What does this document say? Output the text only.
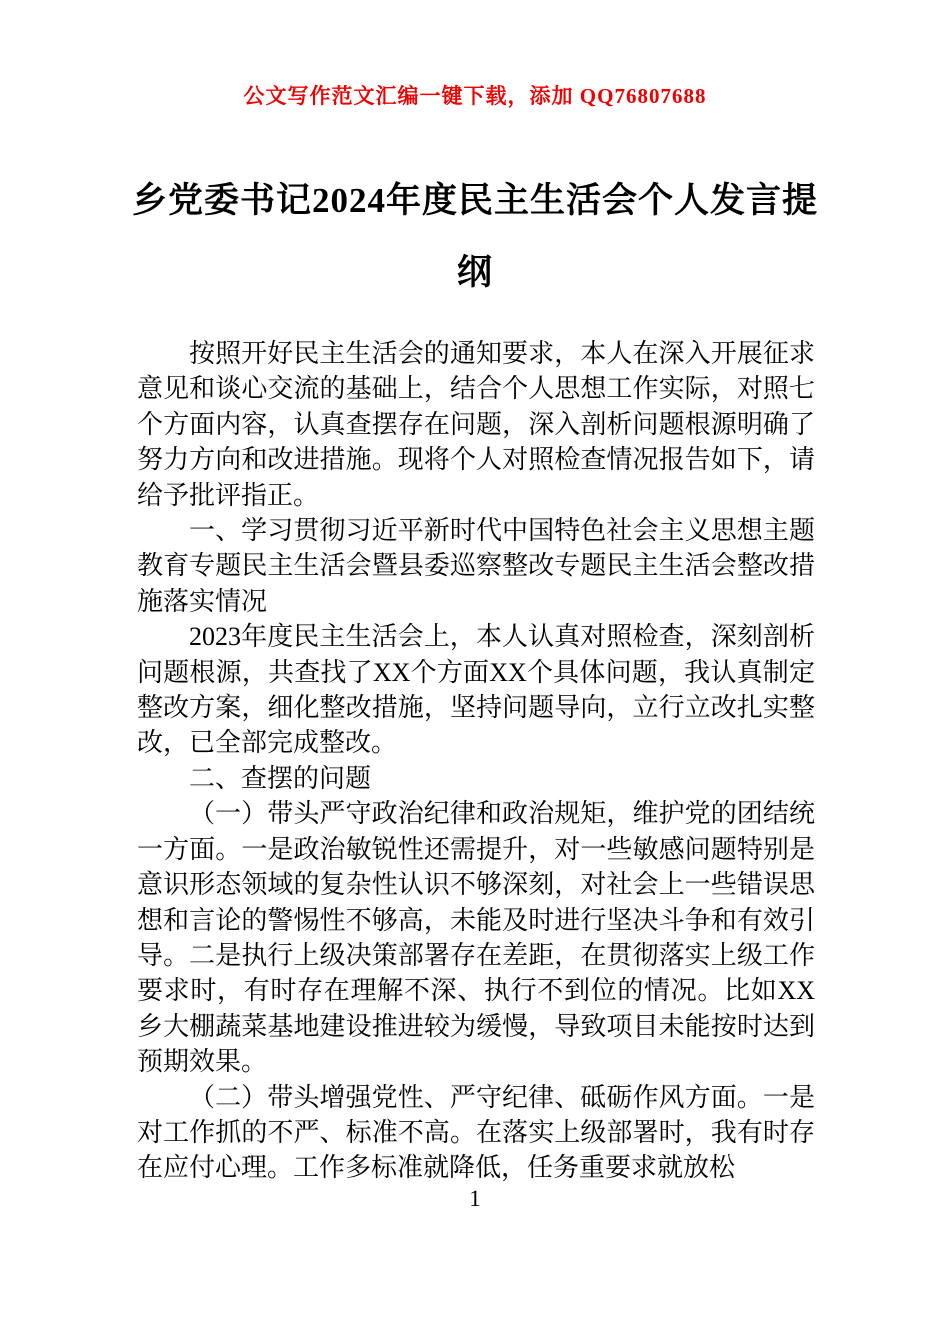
公文写作范文汇编一键下载，添加 QQ76807688
乡党委书记2024年度民主生活会个人发言提纲

按照开好民主生活会的通知要求，本人在深入开展征求意见和谈心交流的基础上，结合个人思想工作实际，对照七个方面内容，认真查摆存在问题，深入剖析问题根源明确了努力方向和改进措施。现将个人对照检查情况报告如下，请给予批评指正。

一、学习贯彻习近平新时代中国特色社会主义思想主题教育专题民主生活会暨县委巡察整改专题民主生活会整改措施落实情况

2023年度民主生活会上，本人认真对照检查，深刻剖析问题根源，共查找了XX个方面XX个具体问题，我认真制定整改方案，细化整改措施，坚持问题导向，立行立改扎实整改，已全部完成整改。

二、查摆的问题

（一）带头严守政治纪律和政治规矩，维护党的团结统一方面。一是政治敏锐性还需提升，对一些敏感问题特别是意识形态领域的复杂性认识不够深刻，对社会上一些错误思想和言论的警惕性不够高，未能及时进行坚决斗争和有效引导。二是执行上级决策部署存在差距，在贯彻落实上级工作要求时，有时存在理解不深、执行不到位的情况。比如XX乡大棚蔬菜基地建设推进较为缓慢，导致项目未能按时达到预期效果。

（二）带头增强党性、严守纪律、砥砺作风方面。一是对工作抓的不严、标准不高。在落实上级部署时，我有时存在应付心理。工作多标准就降低，任务重要求就放松

1
